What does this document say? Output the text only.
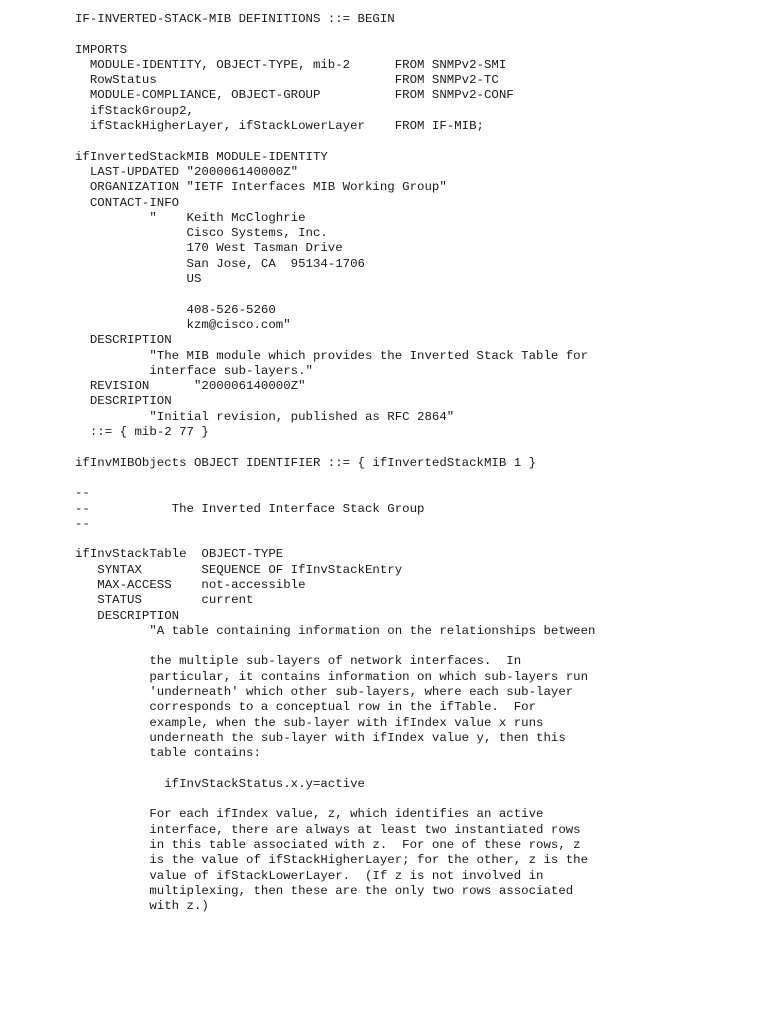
IF-INVERTED-STACK-MIB DEFINITIONS ::= BEGIN
IMPORTS
MODULE-IDENTITY, OBJECT-TYPE, mib-2      FROM SNMPv2-SMI
RowStatus                                FROM SNMPv2-TC
MODULE-COMPLIANCE, OBJECT-GROUP          FROM SNMPv2-CONF
ifStackGroup2,
ifStackHigherLayer, ifStackLowerLayer    FROM IF-MIB;
ifInvertedStackMIB MODULE-IDENTITY
LAST-UPDATED "200006140000Z"
ORGANIZATION "IETF Interfaces MIB Working Group"
CONTACT-INFO
"    Keith McCloghrie
Cisco Systems, Inc.
170 West Tasman Drive
San Jose, CA  95134-1706
US
408-526-5260
kzm@cisco.com"
DESCRIPTION
"The MIB module which provides the Inverted Stack Table for
interface sub-layers."
REVISION      "200006140000Z"
DESCRIPTION
"Initial revision, published as RFC 2864"
::= { mib-2 77 }
ifInvMIBObjects OBJECT IDENTIFIER ::= { ifInvertedStackMIB 1 }
--
--           The Inverted Interface Stack Group
--
ifInvStackTable  OBJECT-TYPE
SYNTAX        SEQUENCE OF IfInvStackEntry
MAX-ACCESS    not-accessible
STATUS        current
DESCRIPTION
"A table containing information on the relationships between
the multiple sub-layers of network interfaces.  In
particular, it contains information on which sub-layers run
'underneath' which other sub-layers, where each sub-layer
corresponds to a conceptual row in the ifTable.  For
example, when the sub-layer with ifIndex value x runs
underneath the sub-layer with ifIndex value y, then this
table contains:
ifInvStackStatus.x.y=active
For each ifIndex value, z, which identifies an active
interface, there are always at least two instantiated rows
in this table associated with z.  For one of these rows, z
is the value of ifStackHigherLayer; for the other, z is the
value of ifStackLowerLayer.  (If z is not involved in
multiplexing, then these are the only two rows associated
with z.)
